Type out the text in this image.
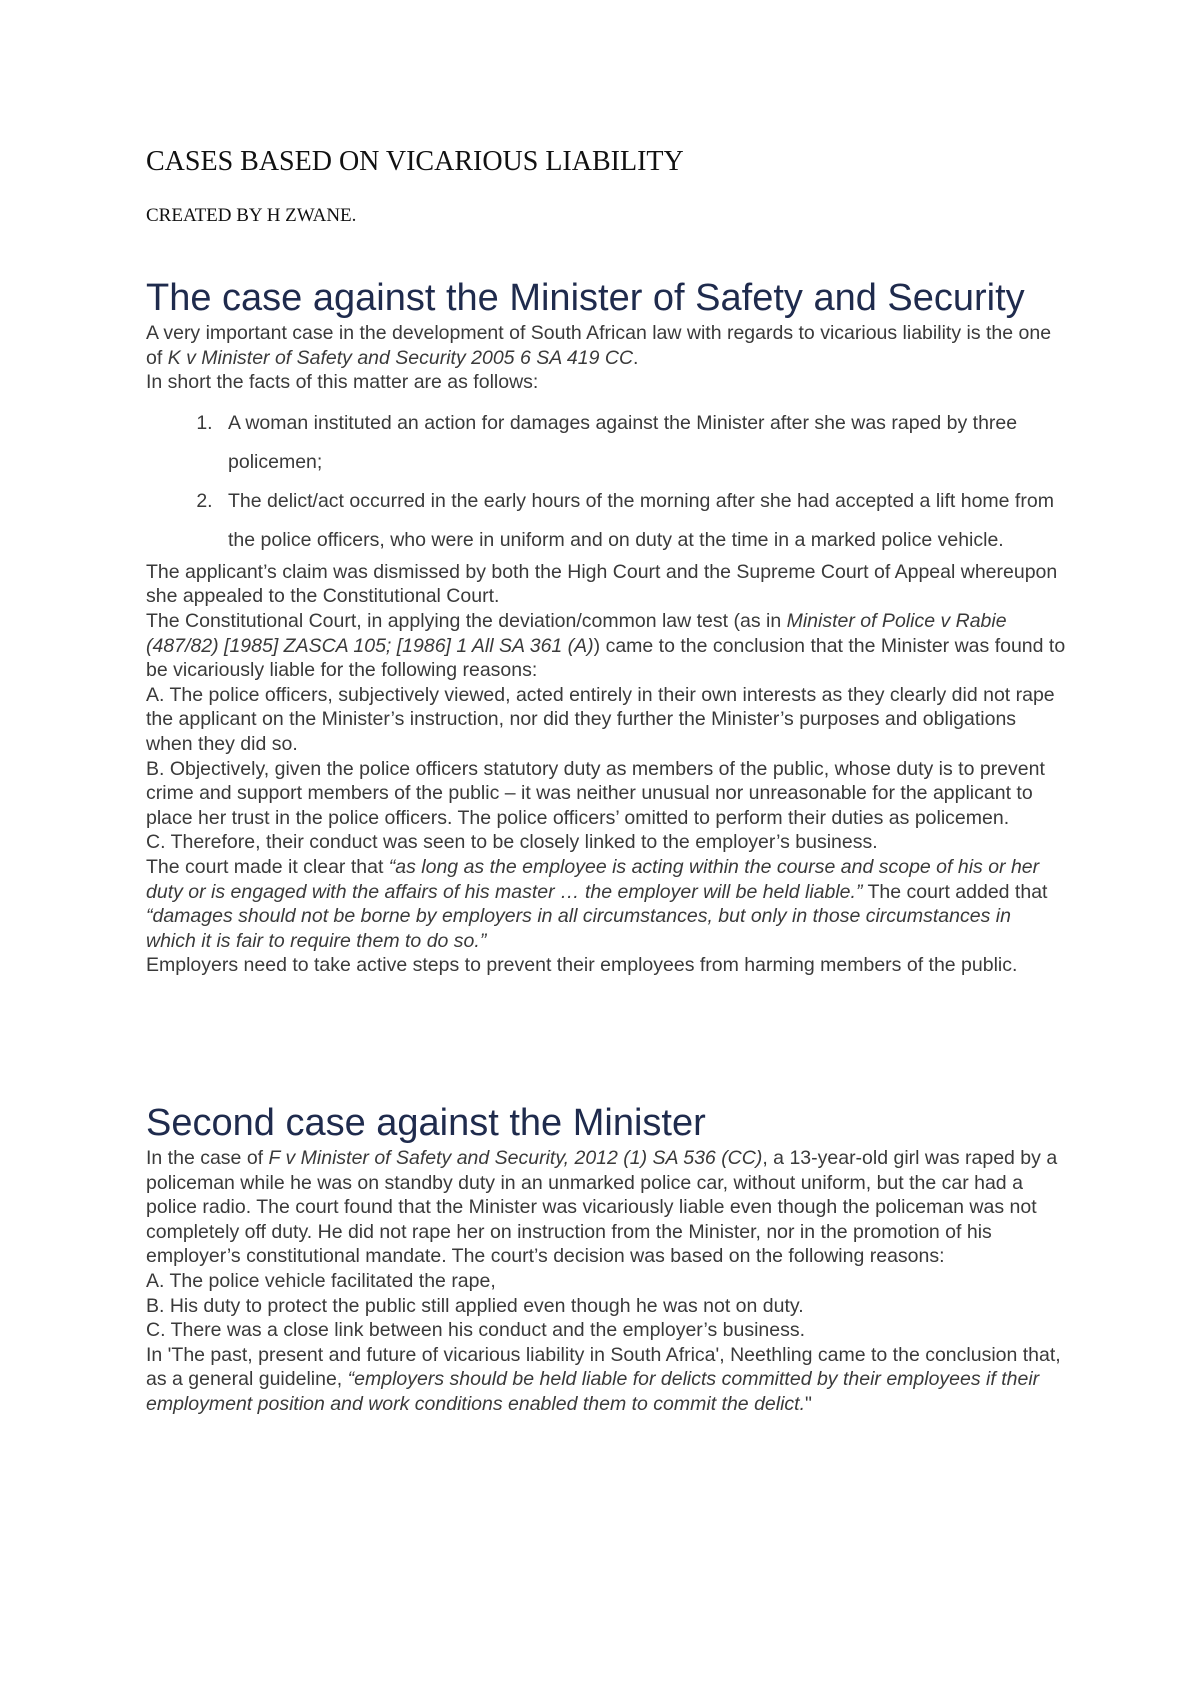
CASES BASED ON VICARIOUS LIABILITY
CREATED BY H ZWANE.
The case against the Minister of Safety and Security

A very important case in the development of South African law with regards to vicarious liability is the one of K v Minister of Safety and Security 2005 6 SA 419 CC.

In short the facts of this matter are as follows:

1. A woman instituted an action for damages against the Minister after she was raped by three policemen;
2. The delict/act occurred in the early hours of the morning after she had accepted a lift home from the police officers, who were in uniform and on duty at the time in a marked police vehicle.

The applicant’s claim was dismissed by both the High Court and the Supreme Court of Appeal whereupon she appealed to the Constitutional Court.

The Constitutional Court, in applying the deviation/common law test (as in Minister of Police v Rabie (487/82) [1985] ZASCA 105; [1986] 1 All SA 361 (A)) came to the conclusion that the Minister was found to be vicariously liable for the following reasons:

A. The police officers, subjectively viewed, acted entirely in their own interests as they clearly did not rape the applicant on the Minister’s instruction, nor did they further the Minister’s purposes and obligations when they did so.

B. Objectively, given the police officers statutory duty as members of the public, whose duty is to prevent crime and support members of the public – it was neither unusual nor unreasonable for the applicant to place her trust in the police officers. The police officers’ omitted to perform their duties as policemen.

C. Therefore, their conduct was seen to be closely linked to the employer’s business.

The court made it clear that “as long as the employee is acting within the course and scope of his or her duty or is engaged with the affairs of his master … the employer will be held liable.” The court added that “damages should not be borne by employers in all circumstances, but only in those circumstances in which it is fair to require them to do so.”

Employers need to take active steps to prevent their employees from harming members of the public.

Second case against the Minister

In the case of F v Minister of Safety and Security, 2012 (1) SA 536 (CC), a 13-year-old girl was raped by a policeman while he was on standby duty in an unmarked police car, without uniform, but the car had a police radio. The court found that the Minister was vicariously liable even though the policeman was not completely off duty. He did not rape her on instruction from the Minister, nor in the promotion of his employer’s constitutional mandate. The court’s decision was based on the following reasons:

A. The police vehicle facilitated the rape,

B. His duty to protect the public still applied even though he was not on duty.

C. There was a close link between his conduct and the employer’s business.

In 'The past, present and future of vicarious liability in South Africa', Neethling came to the conclusion that, as a general guideline, “employers should be held liable for delicts committed by their employees if their employment position and work conditions enabled them to commit the delict."
